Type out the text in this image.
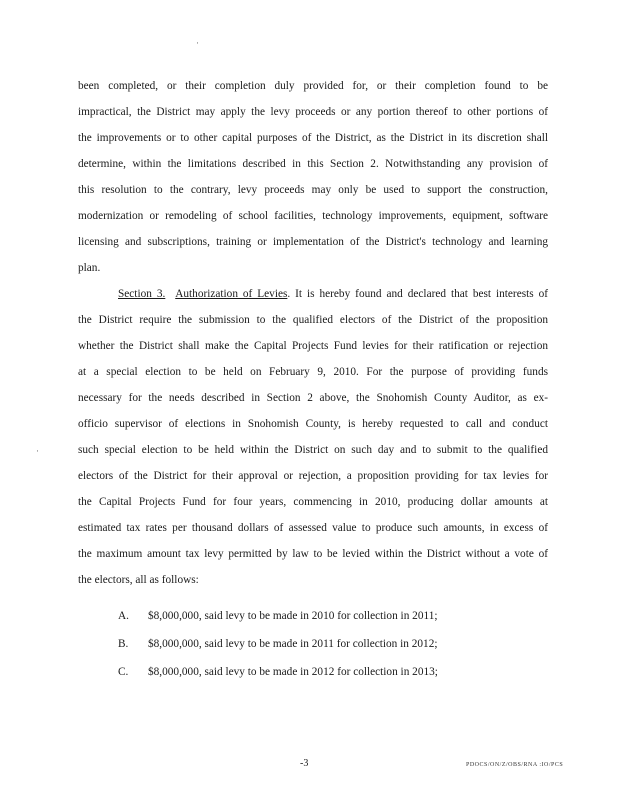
·
been completed, or their completion duly provided for, or their completion found to be
impractical, the District may apply the levy proceeds or any portion thereof to other portions of
the improvements or to other capital purposes of the District, as the District in its discretion shall
determine, within the limitations described in this Section 2. Notwithstanding any provision of
this resolution to the contrary, levy proceeds may only be used to support the construction,
modernization or remodeling of school facilities, technology improvements, equipment, software
licensing and subscriptions, training or implementation of the District's technology and learning
plan.
Section 3. Authorization of Levies. It is hereby found and declared that best interests of
the District require the submission to the qualified electors of the District of the proposition
whether the District shall make the Capital Projects Fund levies for their ratification or rejection
at a special election to be held on February 9, 2010. For the purpose of providing funds
necessary for the needs described in Section 2 above, the Snohomish County Auditor, as ex-
officio supervisor of elections in Snohomish County, is hereby requested to call and conduct
such special election to be held within the District on such day and to submit to the qualified
electors of the District for their approval or rejection, a proposition providing for tax levies for
the Capital Projects Fund for four years, commencing in 2010, producing dollar amounts at
estimated tax rates per thousand dollars of assessed value to produce such amounts, in excess of
the maximum amount tax levy permitted by law to be levied within the District without a vote of
the electors, all as follows:
A. $8,000,000, said levy to be made in 2010 for collection in 2011;
B. $8,000,000, said levy to be made in 2011 for collection in 2012;
C. $8,000,000, said levy to be made in 2012 for collection in 2013;
·
-3	PDOCS/ON/Z/OBS/RNA :IO/PCS
